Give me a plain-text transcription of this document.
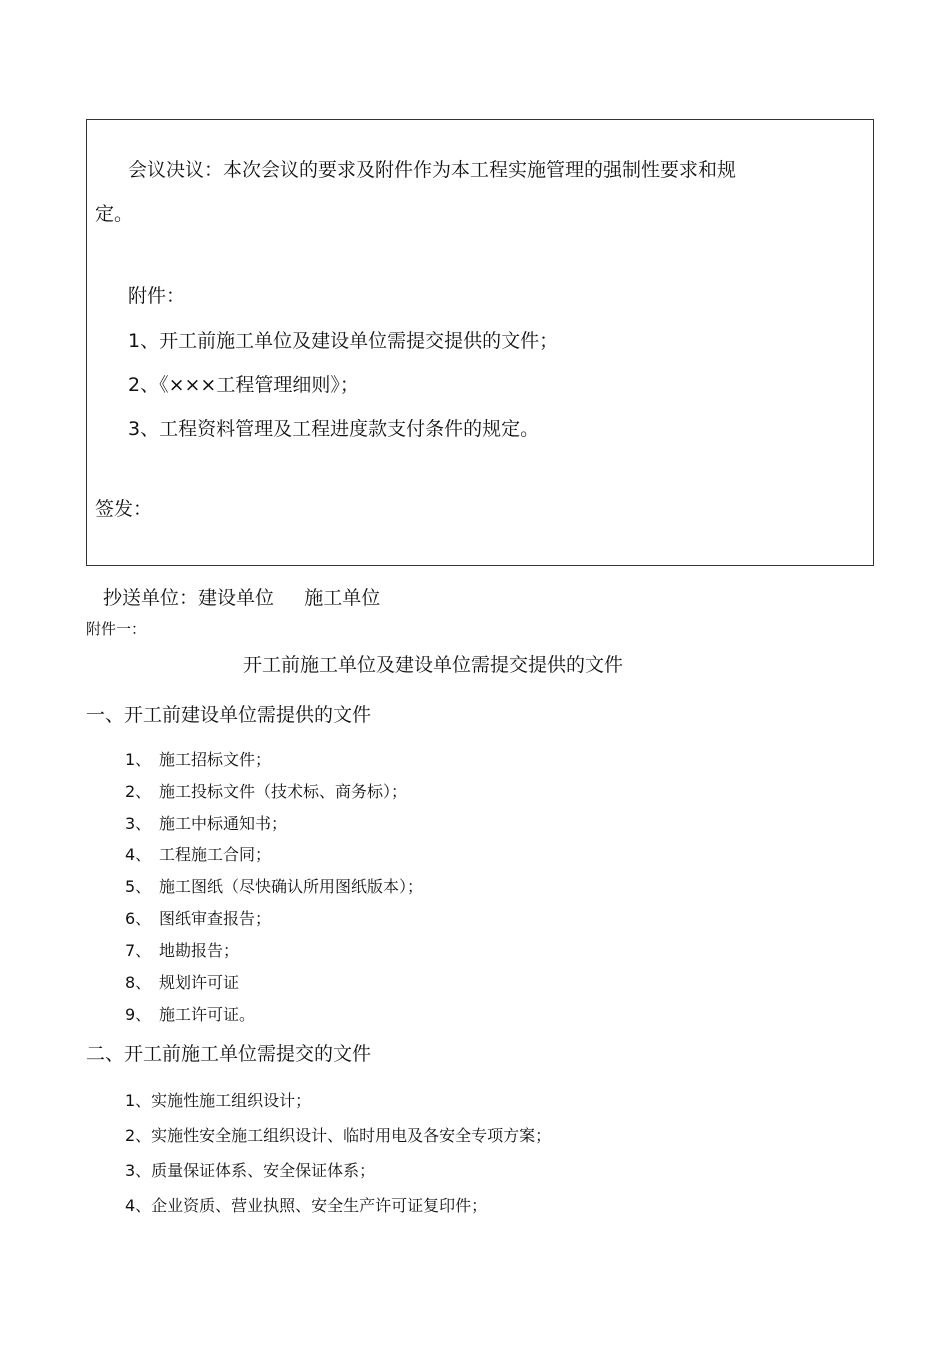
会议决议：本次会议的要求及附件作为本工程实施管理的强制性要求和规
定。
附件：
1、开工前施工单位及建设单位需提交提供的文件；
2、《×××工程管理细则》；
3、工程资料管理及工程进度款支付条件的规定。
签发：
抄送单位：建设单位     施工单位
附件一：
开工前施工单位及建设单位需提交提供的文件
一、开工前建设单位需提供的文件
1、 施工招标文件；
2、 施工投标文件（技术标、商务标）；
3、 施工中标通知书；
4、 工程施工合同；
5、 施工图纸（尽快确认所用图纸版本）；
6、 图纸审查报告；
7、 地勘报告；
8、 规划许可证
9、 施工许可证。
二、开工前施工单位需提交的文件
1、实施性施工组织设计；
2、实施性安全施工组织设计、临时用电及各安全专项方案；
3、质量保证体系、安全保证体系；
4、企业资质、营业执照、安全生产许可证复印件；
